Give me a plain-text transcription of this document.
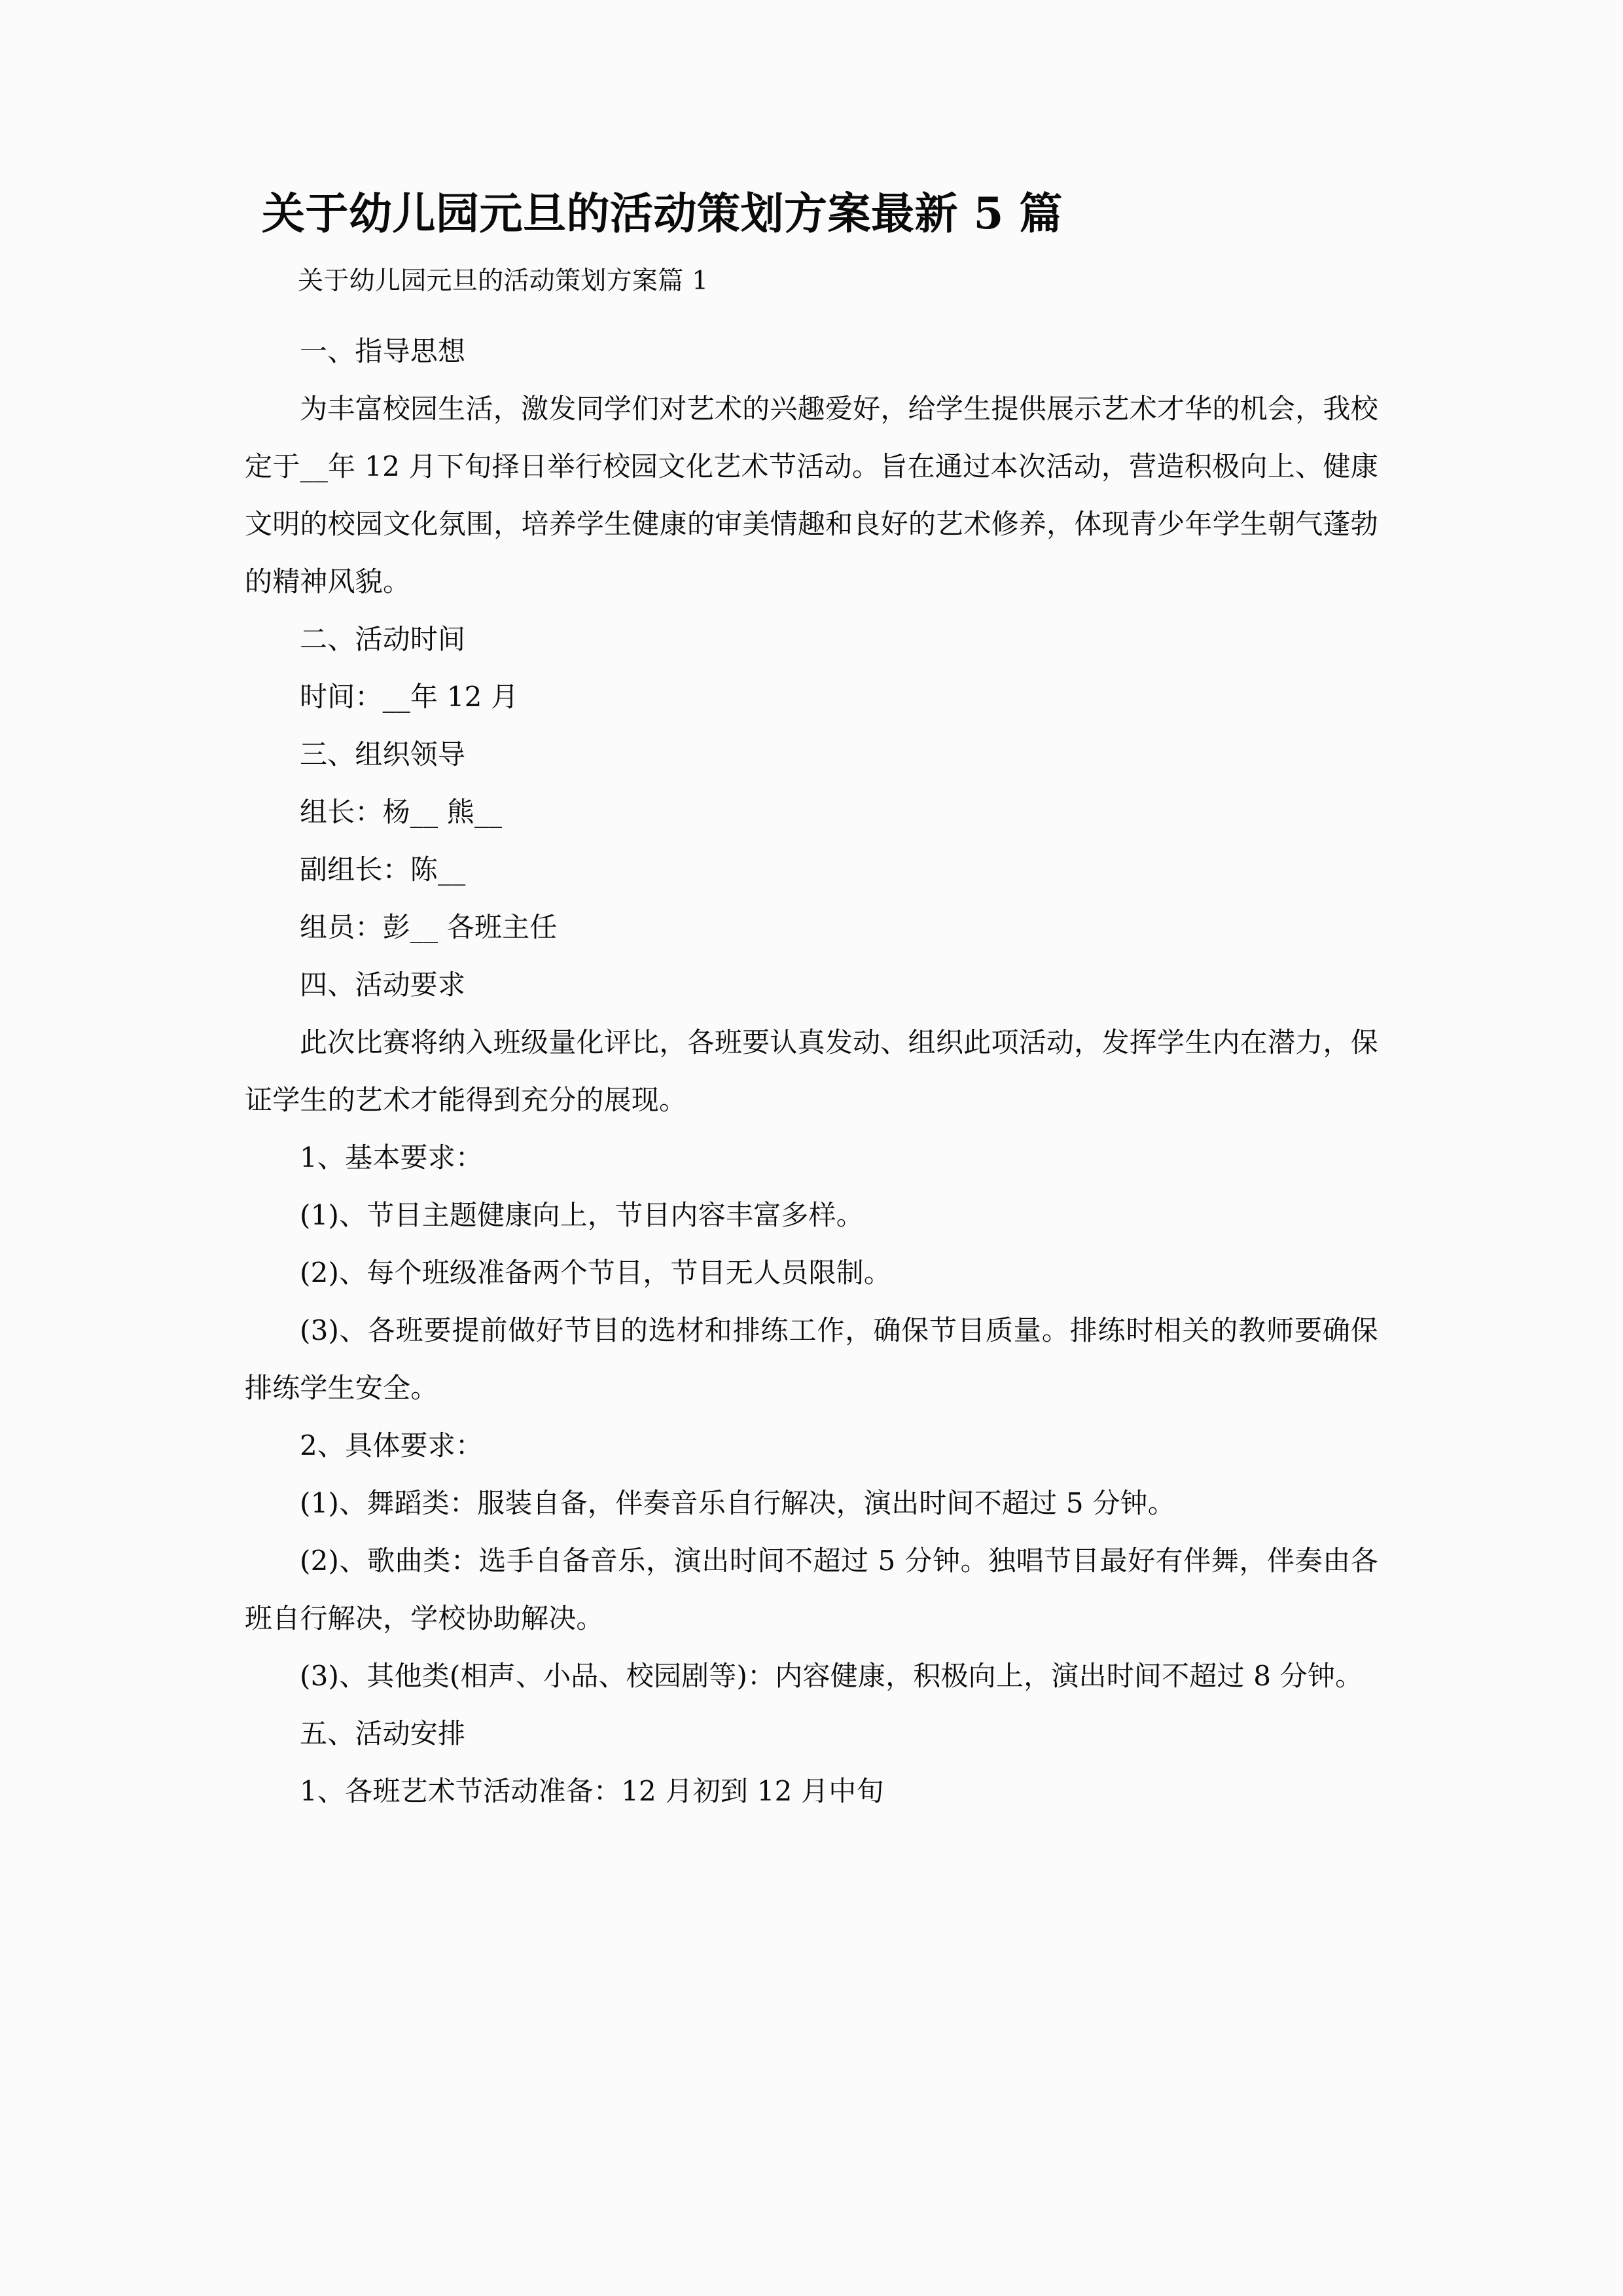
关于幼儿园元旦的活动策划方案最新 5 篇
关于幼儿园元旦的活动策划方案篇 1

一、指导思想

为丰富校园生活，激发同学们对艺术的兴趣爱好，给学生提供展示艺术才华的机会，我校定于__年 12 月下旬择日举行校园文化艺术节活动。旨在通过本次活动，营造积极向上、健康文明的校园文化氛围，培养学生健康的审美情趣和良好的艺术修养，体现青少年学生朝气蓬勃的精神风貌。

二、活动时间

时间：__年 12 月

三、组织领导

组长：杨__ 熊__

副组长：陈__

组员：彭__ 各班主任

四、活动要求

此次比赛将纳入班级量化评比，各班要认真发动、组织此项活动，发挥学生内在潜力，保证学生的艺术才能得到充分的展现。

1、基本要求：

(1)、节目主题健康向上，节目内容丰富多样。

(2)、每个班级准备两个节目，节目无人员限制。

(3)、各班要提前做好节目的选材和排练工作，确保节目质量。排练时相关的教师要确保排练学生安全。

2、具体要求：

(1)、舞蹈类：服装自备，伴奏音乐自行解决，演出时间不超过 5 分钟。

(2)、歌曲类：选手自备音乐，演出时间不超过 5 分钟。独唱节目最好有伴舞，伴奏由各班自行解决，学校协助解决。

(3)、其他类(相声、小品、校园剧等)：内容健康，积极向上，演出时间不超过 8 分钟。

五、活动安排

1、各班艺术节活动准备：12 月初到 12 月中旬
